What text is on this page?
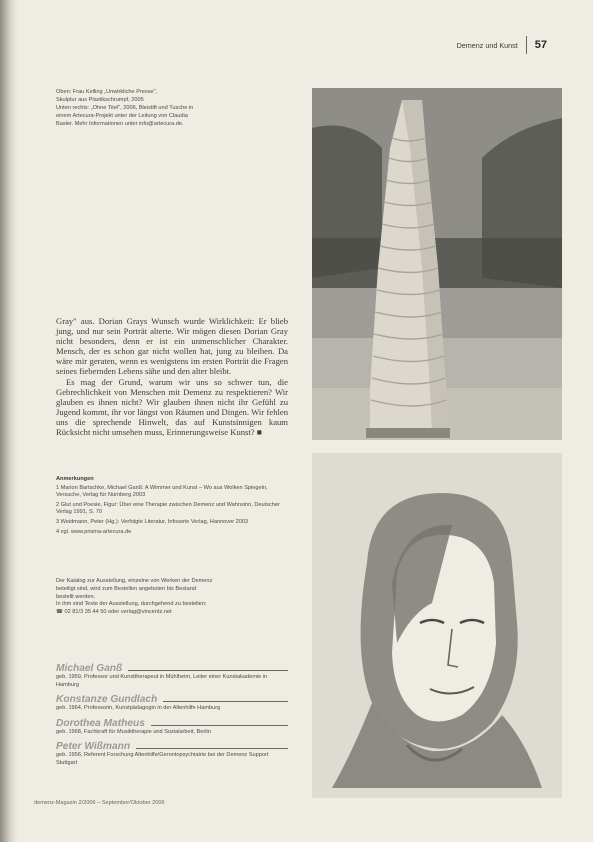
Demenz und Kunst 57
Oben: Frau Kelling „Unwirkliche Presse",
Skulptur aus Plastikschrumpf, 2005
Unten rechts: „Ohne Titel", 2006, Bleistift und Tusche in
einem Artecura-Projekt unter der Leitung von Claudia
Basler. Mehr Informationen unter info@artecura.de.

Gray" aus. Dorian Grays Wunsch wurde Wirklichkeit: Er blieb jung, und nur sein Porträt alterte. Wir mögen diesen Dorian Gray nicht besonders, denn er ist ein unmenschlicher Charakter. Mensch, der es schon gar nicht wollen hat, jung zu bleiben. Da wäre mir geraten, wenn es wenigstens im ersten Porträt die Fragen seines fiebernden Lebens sähe und den alter bleibt.

Es mag der Grund, warum wir uns so schwer tun, die Gebrechlichkeit von Menschen mit Demenz zu respektieren? Wir glauben es ihnen nicht? Wir glauben ihnen nicht ihr Gefühl zu Jugend kommt, ihr vor längst von Räumen und Dingen. Wir fehlen uns die sprechende Hinwelt, das auf Kunstsinnigen kaum Rücksicht nicht umsehen muss, Erinnerungsweise Kunst? ■

Anmerkungen
1 Marion Bartschke, Michael Ganß: A Wimmer und Kunst – Wo aus Wolken Spiegeln, Versuche, Verlag für Nürnberg 2003
2 Glut und Poesie, Figur: Über eine Therapie zwischen Demenz und Wahnsinn, Deutscher Verlag 1991, S. 70
3 Weidmann, Peter (Hg.): Verfolgte Literatur, Infoserie Verlag, Hannover 2003
4 vgl. www.prisma-artecura.de
Der Katalog zur Ausstellung, einzelne von Werken der Demenz
beteiligt sind, wird zum Bestellen angeboten bis Bestand
bestellt werden.
In ihm sind Texte der Ausstellung, durchgehend zu bestellen:
☎ 02 81/3 35 44 50 oder verlag@vincentz.net
Michael Ganß
geb. 1959, Professor und Kunsttherapeut in Mühlheim, Leiter einer Kunstakademie in Hamburg
Konstanze Gundlach
geb. 1964, Professorin, Kunstpädagogin in der Altenhilfe Hamburg
Dorothea Matheus
geb. 1968, Fachkraft für Musiktherapie und Sozialarbeit, Berlin
Peter Wißmann
geb. 1956, Referent Forschung Altenhilfe/Gerontopsychiatrie bei der Demenz Support Stuttgart
demenz-Magazin 2/2006 – September/Oktober 2006
